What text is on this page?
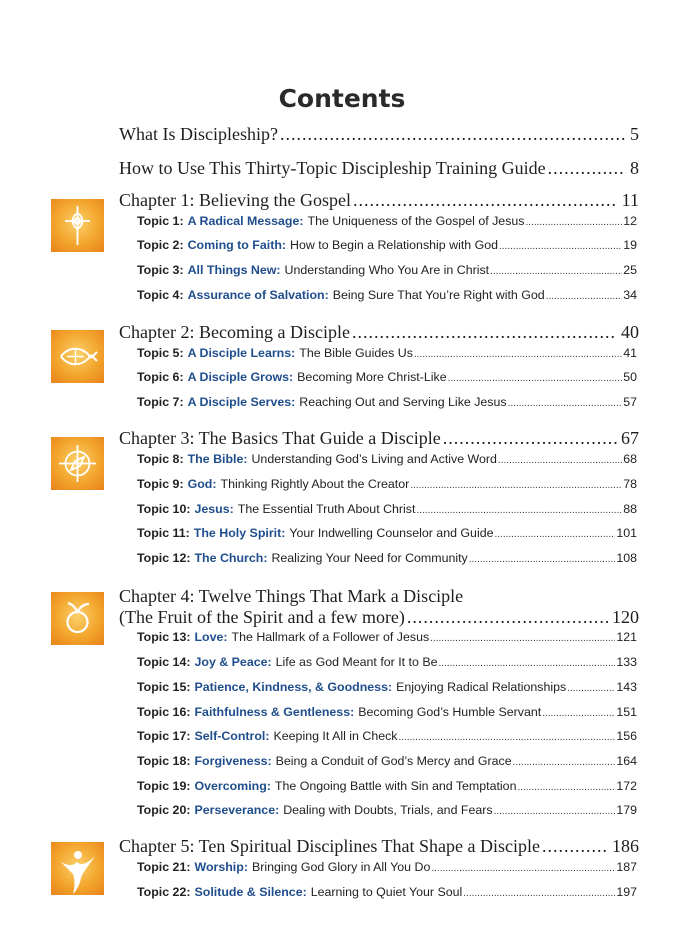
Contents
What Is Discipleship? .....	5
How to Use This Thirty-Topic Discipleship Training Guide .....	8
Chapter 1: Believing the Gospel .....	11
Topic 1: A Radical Message: The Uniqueness of the Gospel of Jesus .....	12
Topic 2: Coming to Faith: How to Begin a Relationship with God .....	19
Topic 3: All Things New: Understanding Who You Are in Christ .....	25
Topic 4: Assurance of Salvation: Being Sure That You’re Right with God .....	34
Chapter 2: Becoming a Disciple .....	40
Topic 5: A Disciple Learns: The Bible Guides Us .....	41
Topic 6: A Disciple Grows: Becoming More Christ-Like .....	50
Topic 7: A Disciple Serves: Reaching Out and Serving Like Jesus .....	57
Chapter 3: The Basics That Guide a Disciple .....	67
Topic 8: The Bible: Understanding God’s Living and Active Word .....	68
Topic 9: God: Thinking Rightly About the Creator .....	78
Topic 10: Jesus: The Essential Truth About Christ .....	88
Topic 11: The Holy Spirit: Your Indwelling Counselor and Guide .....	101
Topic 12: The Church: Realizing Your Need for Community .....	108
Chapter 4: Twelve Things That Mark a Disciple
(The Fruit of the Spirit and a few more) .....	120
Topic 13: Love: The Hallmark of a Follower of Jesus .....	121
Topic 14: Joy & Peace: Life as God Meant for It to Be .....	133
Topic 15: Patience, Kindness, & Goodness: Enjoying Radical Relationships .....	143
Topic 16: Faithfulness & Gentleness: Becoming God’s Humble Servant .....	151
Topic 17: Self-Control: Keeping It All in Check .....	156
Topic 18: Forgiveness: Being a Conduit of God’s Mercy and Grace .....	164
Topic 19: Overcoming: The Ongoing Battle with Sin and Temptation .....	172
Topic 20: Perseverance: Dealing with Doubts, Trials, and Fears .....	179
Chapter 5: Ten Spiritual Disciplines That Shape a Disciple .....	186
Topic 21: Worship: Bringing God Glory in All You Do .....	187
Topic 22: Solitude & Silence: Learning to Quiet Your Soul .....	197
